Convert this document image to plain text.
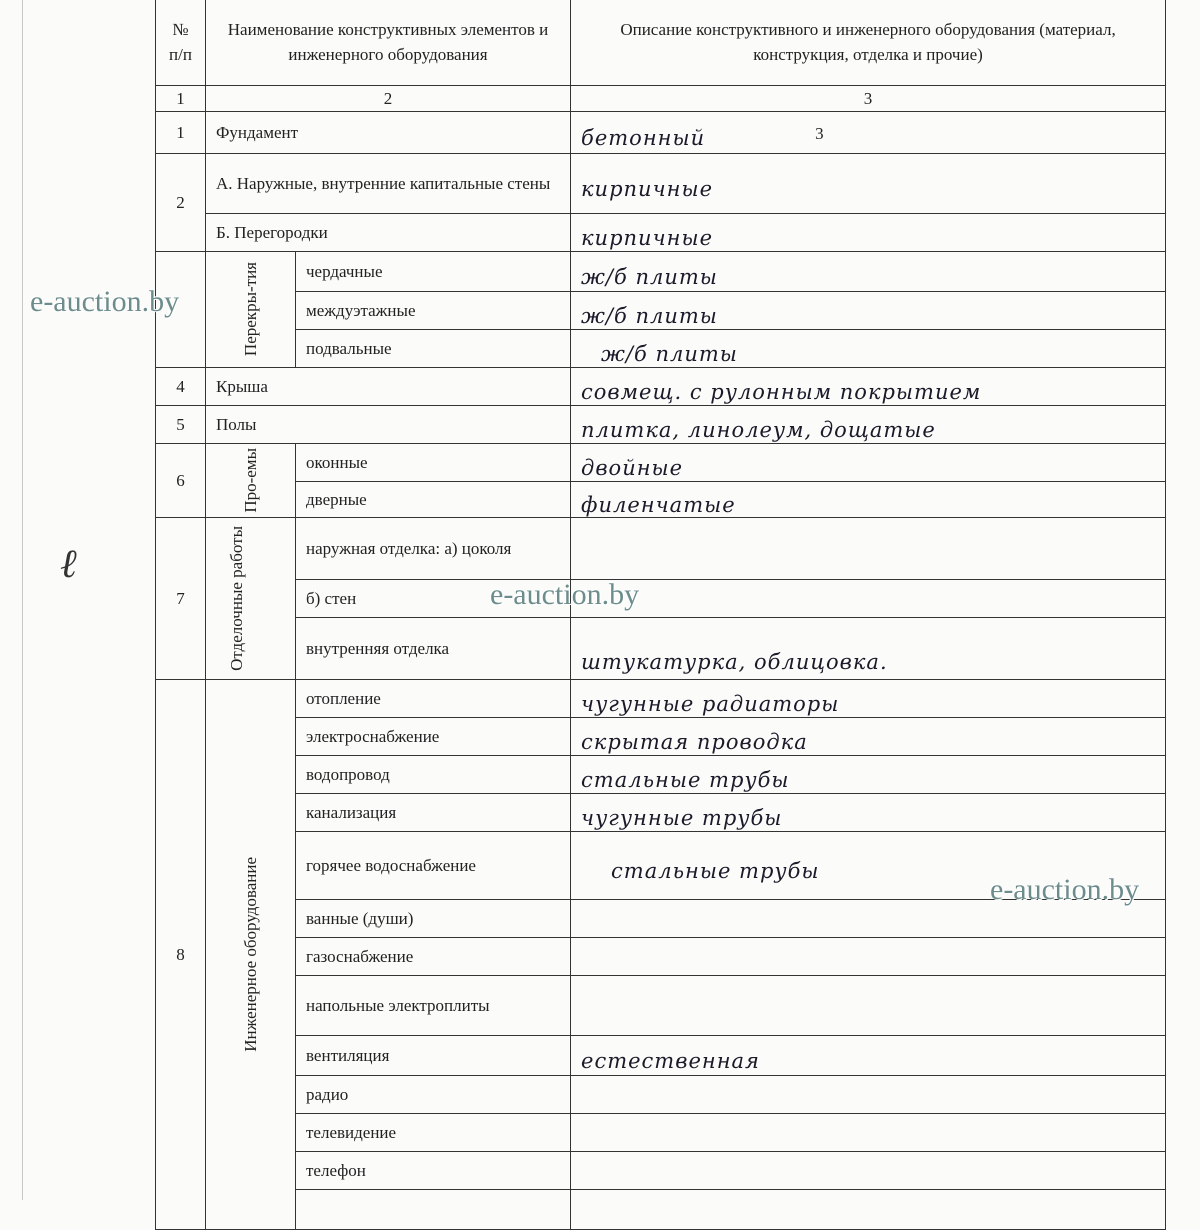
ℓ
№ п/п	Наименование конструктивных элементов и инженерного оборудования		Описание конструктивного и инженерного оборудования (материал, конструкция, отделка и прочие)
1	2		3
1	Фундамент		бетонный 3
2	А. Наружные, внутренние капитальные стены		кирпичные
	Б. Перегородки		кирпичные

	Перекры-тия	чердачные	ж/б плиты
		междуэтажные	ж/б плиты
		подвальные	ж/б плиты
4	Крыша		совмещ. с рулонным покрытием
5	Полы		плитка, линолеум, дощатые
6	Про-емы	оконные	двойные
		дверные	филенчатые
7	Отделочные работы	наружная отделка: а) цоколя	
		б) стен	
		внутренняя отделка	штукатурка, облицовка.
8	Инженерное оборудование	отопление	чугунные радиаторы
		электроснабжение	скрытая проводка
		водопровод	стальные трубы
		канализация	чугунные трубы
		горячее водоснабжение	стальные трубы
		ванные (души)	
		газоснабжение	
		напольные электроплиты	
		вентиляция	естественная
		радио	
		телевидение	
		телефон	

e-auction.by
e-auction.by
e-auction.by
